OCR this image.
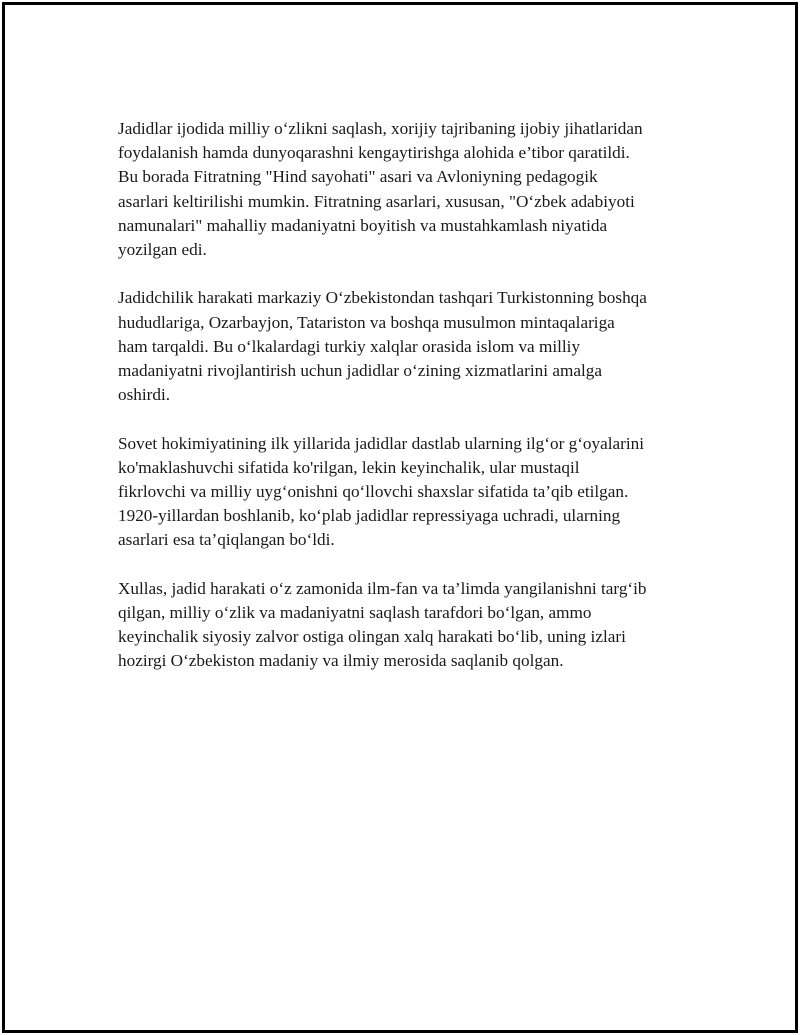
Jadidlar ijodida milliy o‘zlikni saqlash, xorijiy tajribaning ijobiy jihatlaridan
foydalanish hamda dunyoqarashni kengaytirishga alohida e’tibor qaratildi.
Bu borada Fitratning "Hind sayohati" asari va Avloniyning pedagogik
asarlari keltirilishi mumkin. Fitratning asarlari, xususan, "O‘zbek adabiyoti
namunalari" mahalliy madaniyatni boyitish va mustahkamlash niyatida
yozilgan edi.

Jadidchilik harakati markaziy O‘zbekistondan tashqari Turkistonning boshqa
hududlariga, Ozarbayjon, Tatariston va boshqa musulmon mintaqalariga
ham tarqaldi. Bu o‘lkalardagi turkiy xalqlar orasida islom va milliy
madaniyatni rivojlantirish uchun jadidlar o‘zining xizmatlarini amalga
oshirdi.

Sovet hokimiyatining ilk yillarida jadidlar dastlab ularning ilg‘or g‘oyalarini
ko'maklashuvchi sifatida ko'rilgan, lekin keyinchalik, ular mustaqil
fikrlovchi va milliy uyg‘onishni qo‘llovchi shaxslar sifatida ta’qib etilgan.
1920-yillardan boshlanib, ko‘plab jadidlar repressiyaga uchradi, ularning
asarlari esa ta’qiqlangan bo‘ldi.

Xullas, jadid harakati o‘z zamonida ilm-fan va ta’limda yangilanishni targ‘ib
qilgan, milliy o‘zlik va madaniyatni saqlash tarafdori bo‘lgan, ammo
keyinchalik siyosiy zalvor ostiga olingan xalq harakati bo‘lib, uning izlari
hozirgi O‘zbekiston madaniy va ilmiy merosida saqlanib qolgan.
